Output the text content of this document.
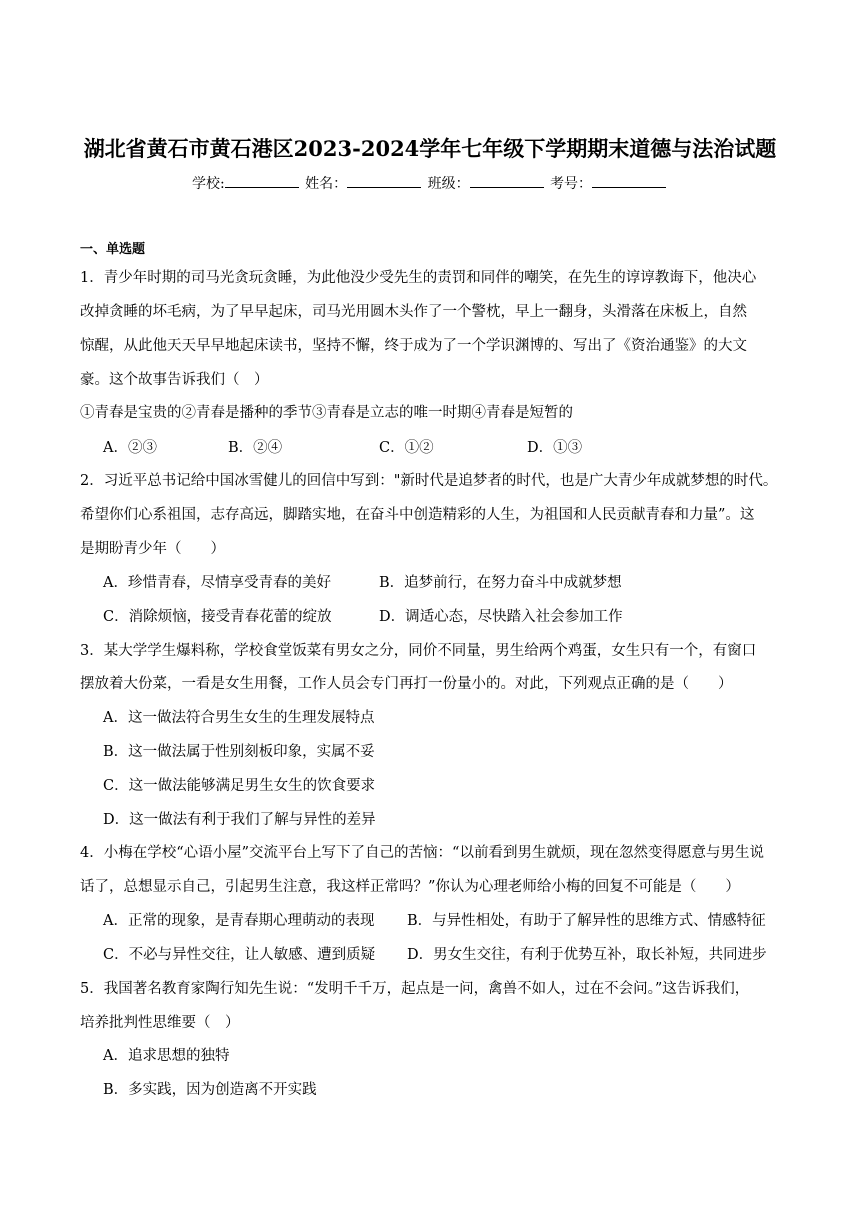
湖北省黄石市黄石港区2023-2024学年七年级下学期期末道德与法治试题
学校:	姓名：	班级：	考号：
一、单选题
1．青少年时期的司马光贪玩贪睡，为此他没少受先生的责罚和同伴的嘲笑，在先生的谆谆教诲下，他决心
改掉贪睡的坏毛病，为了早早起床，司马光用圆木头作了一个警枕，早上一翻身，头滑落在床板上，自然
惊醒，从此他天天早早地起床读书，坚持不懈，终于成为了一个学识渊博的、写出了《资治通鉴》的大文
豪。这个故事告诉我们（　）
①青春是宝贵的②青春是播种的季节③青春是立志的唯一时期④青春是短暂的
A．②③	B．②④	C．①②	D．①③
2．习近平总书记给中国冰雪健儿的回信中写到："新时代是追梦者的时代，也是广大青少年成就梦想的时代。
希望你们心系祖国，志存高远，脚踏实地，在奋斗中创造精彩的人生，为祖国和人民贡献青春和力量”。这
是期盼青少年（　　）
A．珍惜青春，尽情享受青春的美好	B．追梦前行，在努力奋斗中成就梦想
C．消除烦恼，接受青春花蕾的绽放	D．调适心态，尽快踏入社会参加工作
3．某大学学生爆料称，学校食堂饭菜有男女之分，同价不同量，男生给两个鸡蛋，女生只有一个，有窗口
摆放着大份菜，一看是女生用餐，工作人员会专门再打一份量小的。对此，下列观点正确的是（　　）
A．这一做法符合男生女生的生理发展特点
B．这一做法属于性别刻板印象，实属不妥
C．这一做法能够满足男生女生的饮食要求
D．这一做法有利于我们了解与异性的差异
4．小梅在学校“心语小屋”交流平台上写下了自己的苦恼：“以前看到男生就烦，现在忽然变得愿意与男生说
话了，总想显示自己，引起男生注意，我这样正常吗？”你认为心理老师给小梅的回复不可能是（　　）
A．正常的现象，是青春期心理萌动的表现 B．与异性相处，有助于了解异性的思维方式、情感特征
C．不必与异性交往，让人敏感、遭到质疑 D．男女生交往，有利于优势互补，取长补短，共同进步
5．我国著名教育家陶行知先生说：“发明千千万，起点是一问，禽兽不如人，过在不会问。”这告诉我们，
培养批判性思维要（　）
A．追求思想的独特
B．多实践，因为创造离不开实践
